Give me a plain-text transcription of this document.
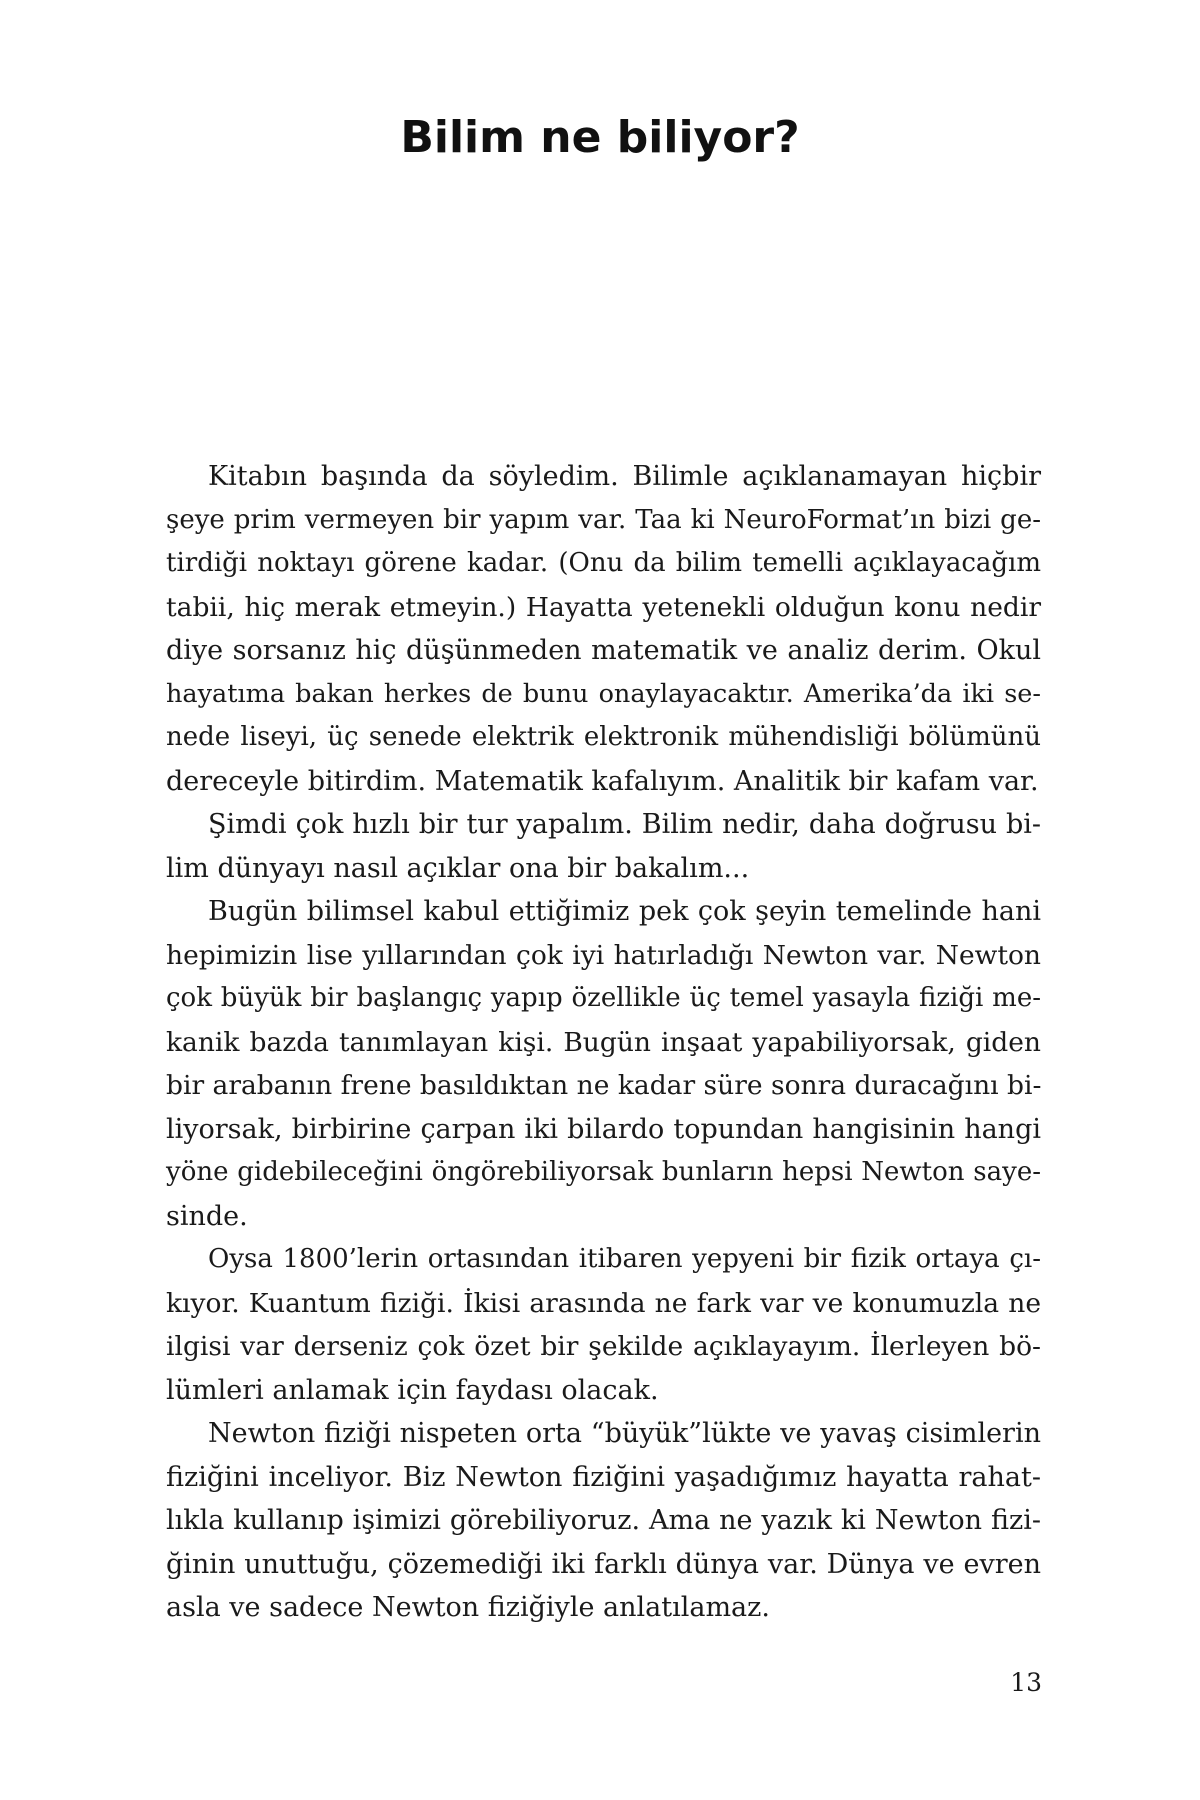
Bilim ne biliyor?
Kitabın başında da söyledim. Bilimle açıklanamayan hiçbir
şeye prim vermeyen bir yapım var. Taa ki NeuroFormat’ın bizi ge-
tirdiği noktayı görene kadar. (Onu da bilim temelli açıklayacağım
tabii, hiç merak etmeyin.) Hayatta yetenekli olduğun konu nedir
diye sorsanız hiç düşünmeden matematik ve analiz derim. Okul
hayatıma bakan herkes de bunu onaylayacaktır. Amerika’da iki se-
nede liseyi, üç senede elektrik elektronik mühendisliği bölümünü
dereceyle bitirdim. Matematik kafalıyım. Analitik bir kafam var.
Şimdi çok hızlı bir tur yapalım. Bilim nedir, daha doğrusu bi-
lim dünyayı nasıl açıklar ona bir bakalım...
Bugün bilimsel kabul ettiğimiz pek çok şeyin temelinde hani
hepimizin lise yıllarından çok iyi hatırladığı Newton var. Newton
çok büyük bir başlangıç yapıp özellikle üç temel yasayla fiziği me-
kanik bazda tanımlayan kişi. Bugün inşaat yapabiliyorsak, giden
bir arabanın frene basıldıktan ne kadar süre sonra duracağını bi-
liyorsak, birbirine çarpan iki bilardo topundan hangisinin hangi
yöne gidebileceğini öngörebiliyorsak bunların hepsi Newton saye-
sinde.
Oysa 1800’lerin ortasından itibaren yepyeni bir fizik ortaya çı-
kıyor. Kuantum fiziği. İkisi arasında ne fark var ve konumuzla ne
ilgisi var derseniz çok özet bir şekilde açıklayayım. İlerleyen bö-
lümleri anlamak için faydası olacak.
Newton fiziği nispeten orta “büyük”lükte ve yavaş cisimlerin
fiziğini inceliyor. Biz Newton fiziğini yaşadığımız hayatta rahat-
lıkla kullanıp işimizi görebiliyoruz. Ama ne yazık ki Newton fizi-
ğinin unuttuğu, çözemediği iki farklı dünya var. Dünya ve evren
asla ve sadece Newton fiziğiyle anlatılamaz.

13
